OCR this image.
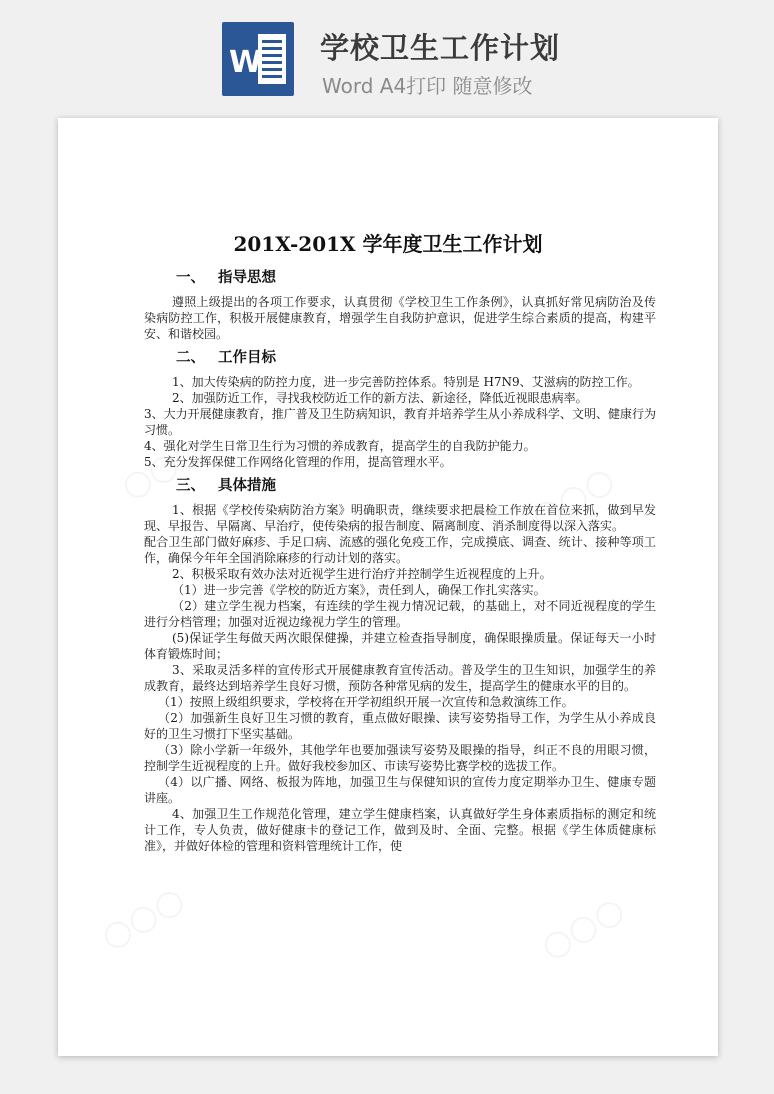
W 学校卫生工作计划
Word A4打印 随意修改
201X-201X 学年度卫生工作计划
一、 指导思想

遵照上级提出的各项工作要求，认真贯彻《学校卫生工作条例》，认真抓好常见病防治及传染病防控工作，积极开展健康教育，增强学生自我防护意识，促进学生综合素质的提高，构建平安、和谐校园。

二、 工作目标

1、加大传染病的防控力度，进一步完善防控体系。特别是 H7N9、艾滋病的防控工作。

2、加强防近工作，寻找我校防近工作的新方法、新途径，降低近视眼患病率。

3、大力开展健康教育，推广普及卫生防病知识，教育并培养学生从小养成科学、文明、健康行为习惯。

4、强化对学生日常卫生行为习惯的养成教育，提高学生的自我防护能力。

5、充分发挥保健工作网络化管理的作用，提高管理水平。

三、 具体措施

1、根据《学校传染病防治方案》明确职责，继续要求把晨检工作放在首位来抓，做到早发现、早报告、早隔离、早治疗，使传染病的报告制度、隔离制度、消杀制度得以深入落实。

配合卫生部门做好麻疹、手足口病、流感的强化免疫工作，完成摸底、调查、统计、接种等项工作，确保今年年全国消除麻疹的行动计划的落实。

2、积极采取有效办法对近视学生进行治疗并控制学生近视程度的上升。

（1）进一步完善《学校的防近方案》，责任到人，确保工作扎实落实。

（2）建立学生视力档案，有连续的学生视力情况记载，的基础上，对不同近视程度的学生进行分档管理；加强对近视边缘视力学生的管理。

(5)保证学生每做天两次眼保健操，并建立检查指导制度，确保眼操质量。保证每天一小时体育锻炼时间；

3、采取灵活多样的宣传形式开展健康教育宣传活动。普及学生的卫生知识，加强学生的养成教育，最终达到培养学生良好习惯，预防各种常见病的发生，提高学生的健康水平的目的。

（1）按照上级组织要求，学校将在开学初组织开展一次宣传和急救演练工作。

（2）加强新生良好卫生习惯的教育，重点做好眼操、读写姿势指导工作，为学生从小养成良好的卫生习惯打下坚实基础。

（3）除小学新一年级外，其他学年也要加强读写姿势及眼操的指导，纠正不良的用眼习惯，控制学生近视程度的上升。做好我校参加区、市读写姿势比赛学校的选拔工作。

（4）以广播、网络、板报为阵地，加强卫生与保健知识的宣传力度定期举办卫生、健康专题讲座。

4、加强卫生工作规范化管理，建立学生健康档案，认真做好学生身体素质指标的测定和统计工作，专人负责，做好健康卡的登记工作，做到及时、全面、完整。根据《学生体质健康标准》，并做好体检的管理和资料管理统计工作，使
